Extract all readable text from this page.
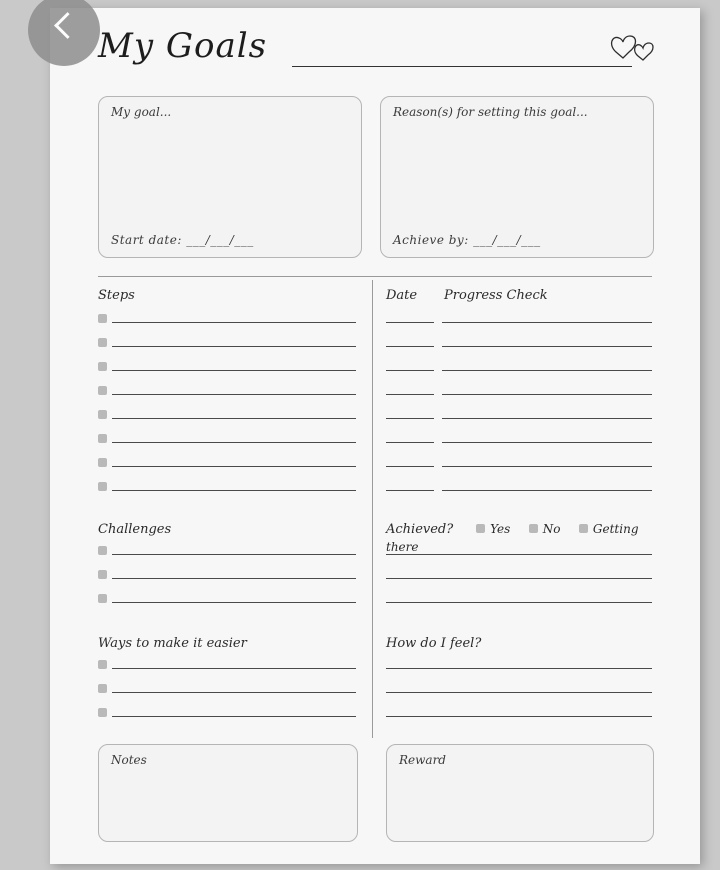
My Goals
My goal...
Start date: ___/___/___
Reason(s) for setting this goal...
Achieve by: ___/___/___
Steps	Date Progress Check
Challenges	Achieved?	Yes	No	Getting there
Ways to make it easier	How do I feel?
Notes	Reward
